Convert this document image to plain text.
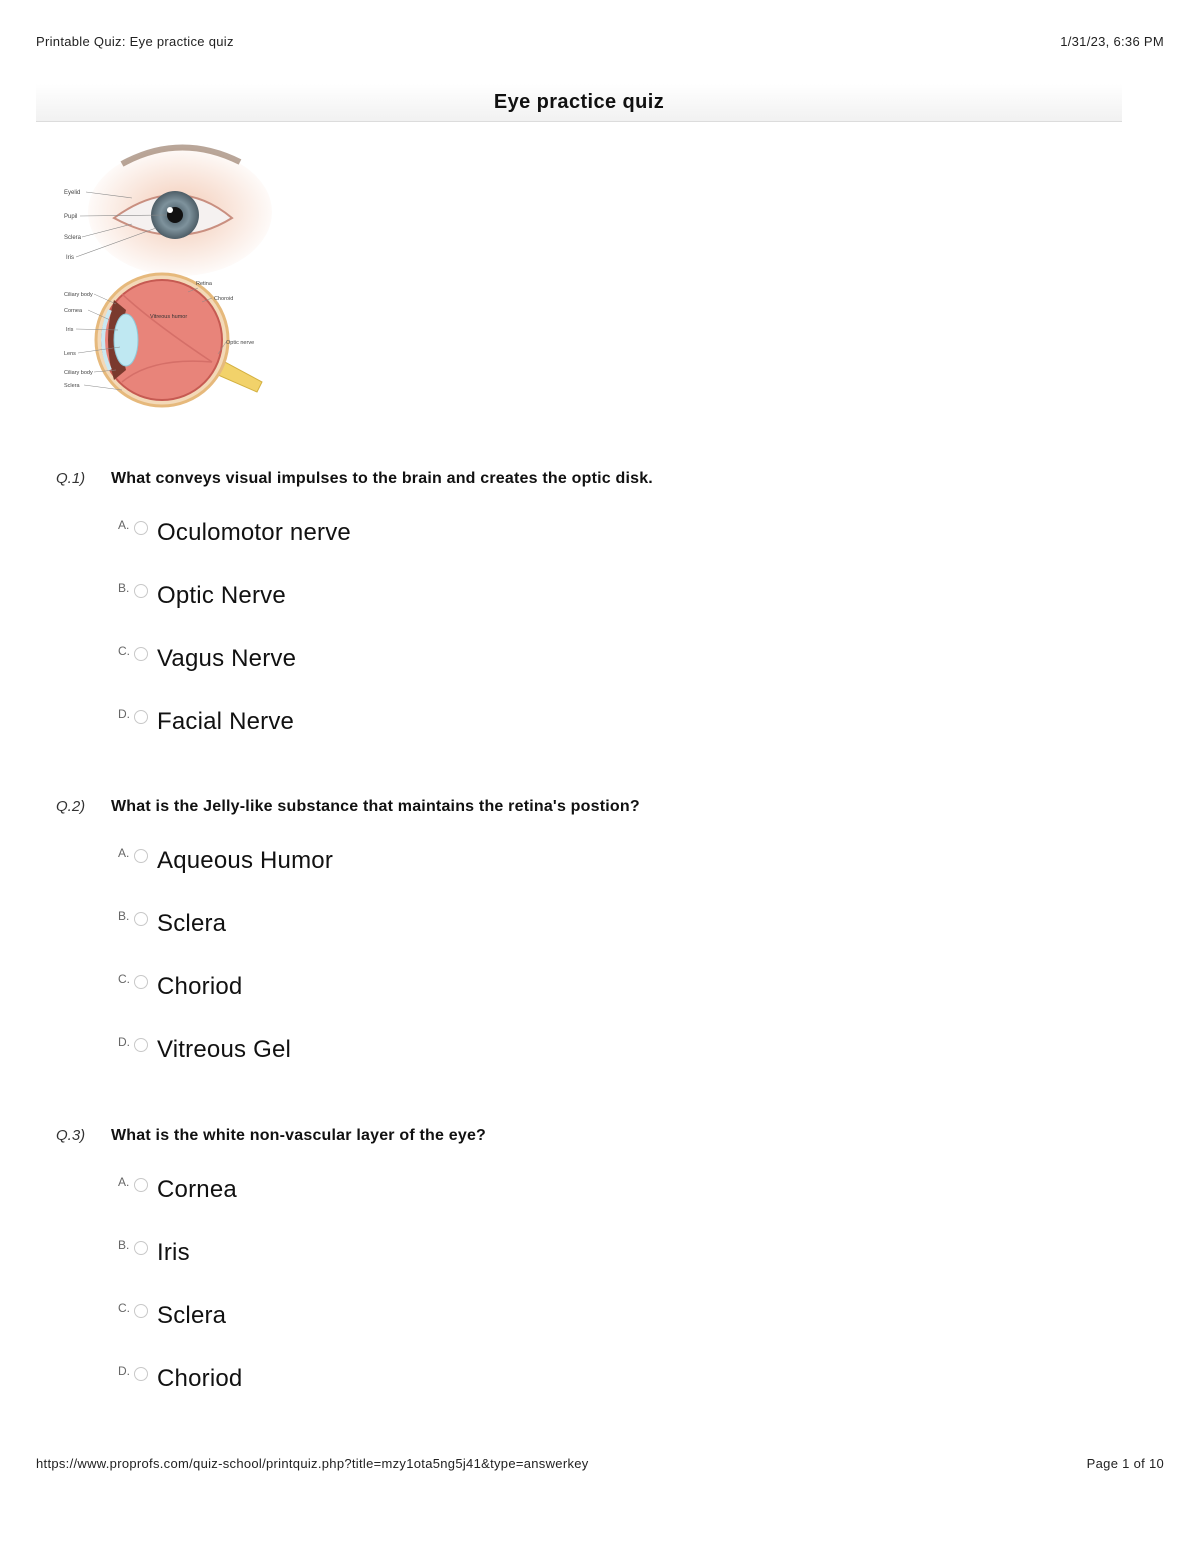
Printable Quiz: Eye practice quiz	1/31/23, 6:36 PM
Eye practice quiz
Eyelid
Pupil
Sclera
Iris
Vitreous humor
Ciliary body
Cornea
Iris
Lens
Ciliary body
Sclera
Retina
Choroid
Optic nerve
Q.1)	What conveys visual impulses to the brain and creates the optic disk.
A. Oculomotor nerve
B. Optic Nerve
C. Vagus Nerve
D. Facial Nerve
Q.2)	What is the Jelly-like substance that maintains the retina's postion?
A. Aqueous Humor
B. Sclera
C. Choriod
D. Vitreous Gel
Q.3)	What is the white non-vascular layer of the eye?
A. Cornea
B. Iris
C. Sclera
D. Choriod
https://www.proprofs.com/quiz-school/printquiz.php?title=mzy1ota5ng5j41&type=answerkey	Page 1 of 10
